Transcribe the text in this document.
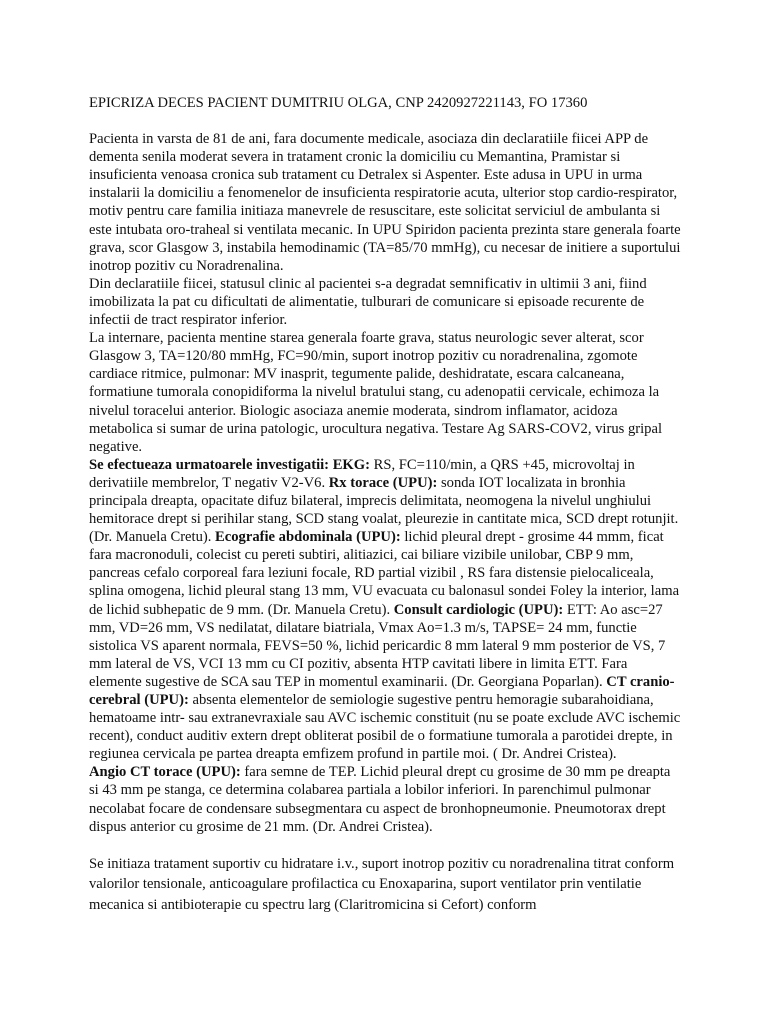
EPICRIZA DECES PACIENT DUMITRIU OLGA, CNP 2420927221143, FO 17360

Pacienta in varsta de 81 de ani, fara documente medicale, asociaza din declaratiile fiicei APP de dementa senila moderat severa in tratament cronic la domiciliu cu Memantina, Pramistar si insuficienta venoasa cronica sub tratament cu Detralex si Aspenter. Este adusa in UPU in urma instalarii la domiciliu a fenomenelor de insuficienta respiratorie acuta, ulterior stop cardio-respirator, motiv pentru care familia initiaza manevrele de resuscitare, este solicitat serviciul de ambulanta si este intubata oro-traheal si ventilata mecanic. In UPU Spiridon pacienta prezinta stare generala foarte grava, scor Glasgow 3, instabila hemodinamic (TA=85/70 mmHg), cu necesar de initiere a suportului inotrop pozitiv cu Noradrenalina.

Din declaratiile fiicei, statusul clinic al pacientei s-a degradat semnificativ in ultimii 3 ani, fiind imobilizata la pat cu dificultati de alimentatie, tulburari de comunicare si episoade recurente de infectii de tract respirator inferior.

La internare, pacienta mentine starea generala foarte grava, status neurologic sever alterat, scor Glasgow 3, TA=120/80 mmHg, FC=90/min, suport inotrop pozitiv cu noradrenalina, zgomote cardiace ritmice, pulmonar: MV inasprit, tegumente palide, deshidratate, escara calcaneana, formatiune tumorala conopidiforma la nivelul bratului stang, cu adenopatii cervicale, echimoza la nivelul toracelui anterior. Biologic asociaza anemie moderata, sindrom inflamator, acidoza metabolica si sumar de urina patologic, urocultura negativa. Testare Ag SARS-COV2, virus gripal negative.

Se efectueaza urmatoarele investigatii: EKG: RS, FC=110/min, a QRS +45, microvoltaj in derivatiile membrelor, T negativ V2-V6. Rx torace (UPU): sonda IOT localizata in bronhia principala dreapta, opacitate difuz bilateral, imprecis delimitata, neomogena la nivelul unghiului hemitorace drept si perihilar stang, SCD stang voalat, pleurezie in cantitate mica, SCD drept rotunjit. (Dr. Manuela Cretu). Ecografie abdominala (UPU): lichid pleural drept - grosime 44 mmm, ficat fara macronoduli, colecist cu pereti subtiri, alitiazici, cai biliare vizibile unilobar, CBP 9 mm, pancreas cefalo corporeal fara leziuni focale, RD partial vizibil , RS fara distensie pielocaliceala, splina omogena, lichid pleural stang 13 mm, VU evacuata cu balonasul sondei Foley la interior, lama de lichid subhepatic de 9 mm. (Dr. Manuela Cretu). Consult cardiologic (UPU): ETT: Ao asc=27 mm, VD=26 mm, VS nedilatat, dilatare biatriala, Vmax Ao=1.3 m/s, TAPSE= 24 mm, functie sistolica VS aparent normala, FEVS=50 %, lichid pericardic 8 mm lateral 9 mm posterior de VS, 7 mm lateral de VS, VCI 13 mm cu CI pozitiv, absenta HTP cavitati libere in limita ETT. Fara elemente sugestive de SCA sau TEP in momentul examinarii. (Dr. Georgiana Poparlan). CT cranio-cerebral (UPU): absenta elementelor de semiologie sugestive pentru hemoragie subarahoidiana, hematoame intr- sau extranevraxiale sau AVC ischemic constituit (nu se poate exclude AVC ischemic recent), conduct auditiv extern drept obliterat posibil de o formatiune tumorala a parotidei drepte, in regiunea cervicala pe partea dreapta emfizem profund in partile moi. ( Dr. Andrei Cristea).

Angio CT torace (UPU): fara semne de TEP. Lichid pleural drept cu grosime de 30 mm pe dreapta si 43 mm pe stanga, ce determina colabarea partiala a lobilor inferiori. In parenchimul pulmonar necolabat focare de condensare subsegmentara cu aspect de bronhopneumonie. Pneumotorax drept dispus anterior cu grosime de 21 mm. (Dr. Andrei Cristea).

Se initiaza tratament suportiv cu hidratare i.v., suport inotrop pozitiv cu noradrenalina titrat conform valorilor tensionale, anticoagulare profilactica cu Enoxaparina, suport ventilator prin ventilatie mecanica si antibioterapie cu spectru larg (Claritromicina si Cefort) conform
